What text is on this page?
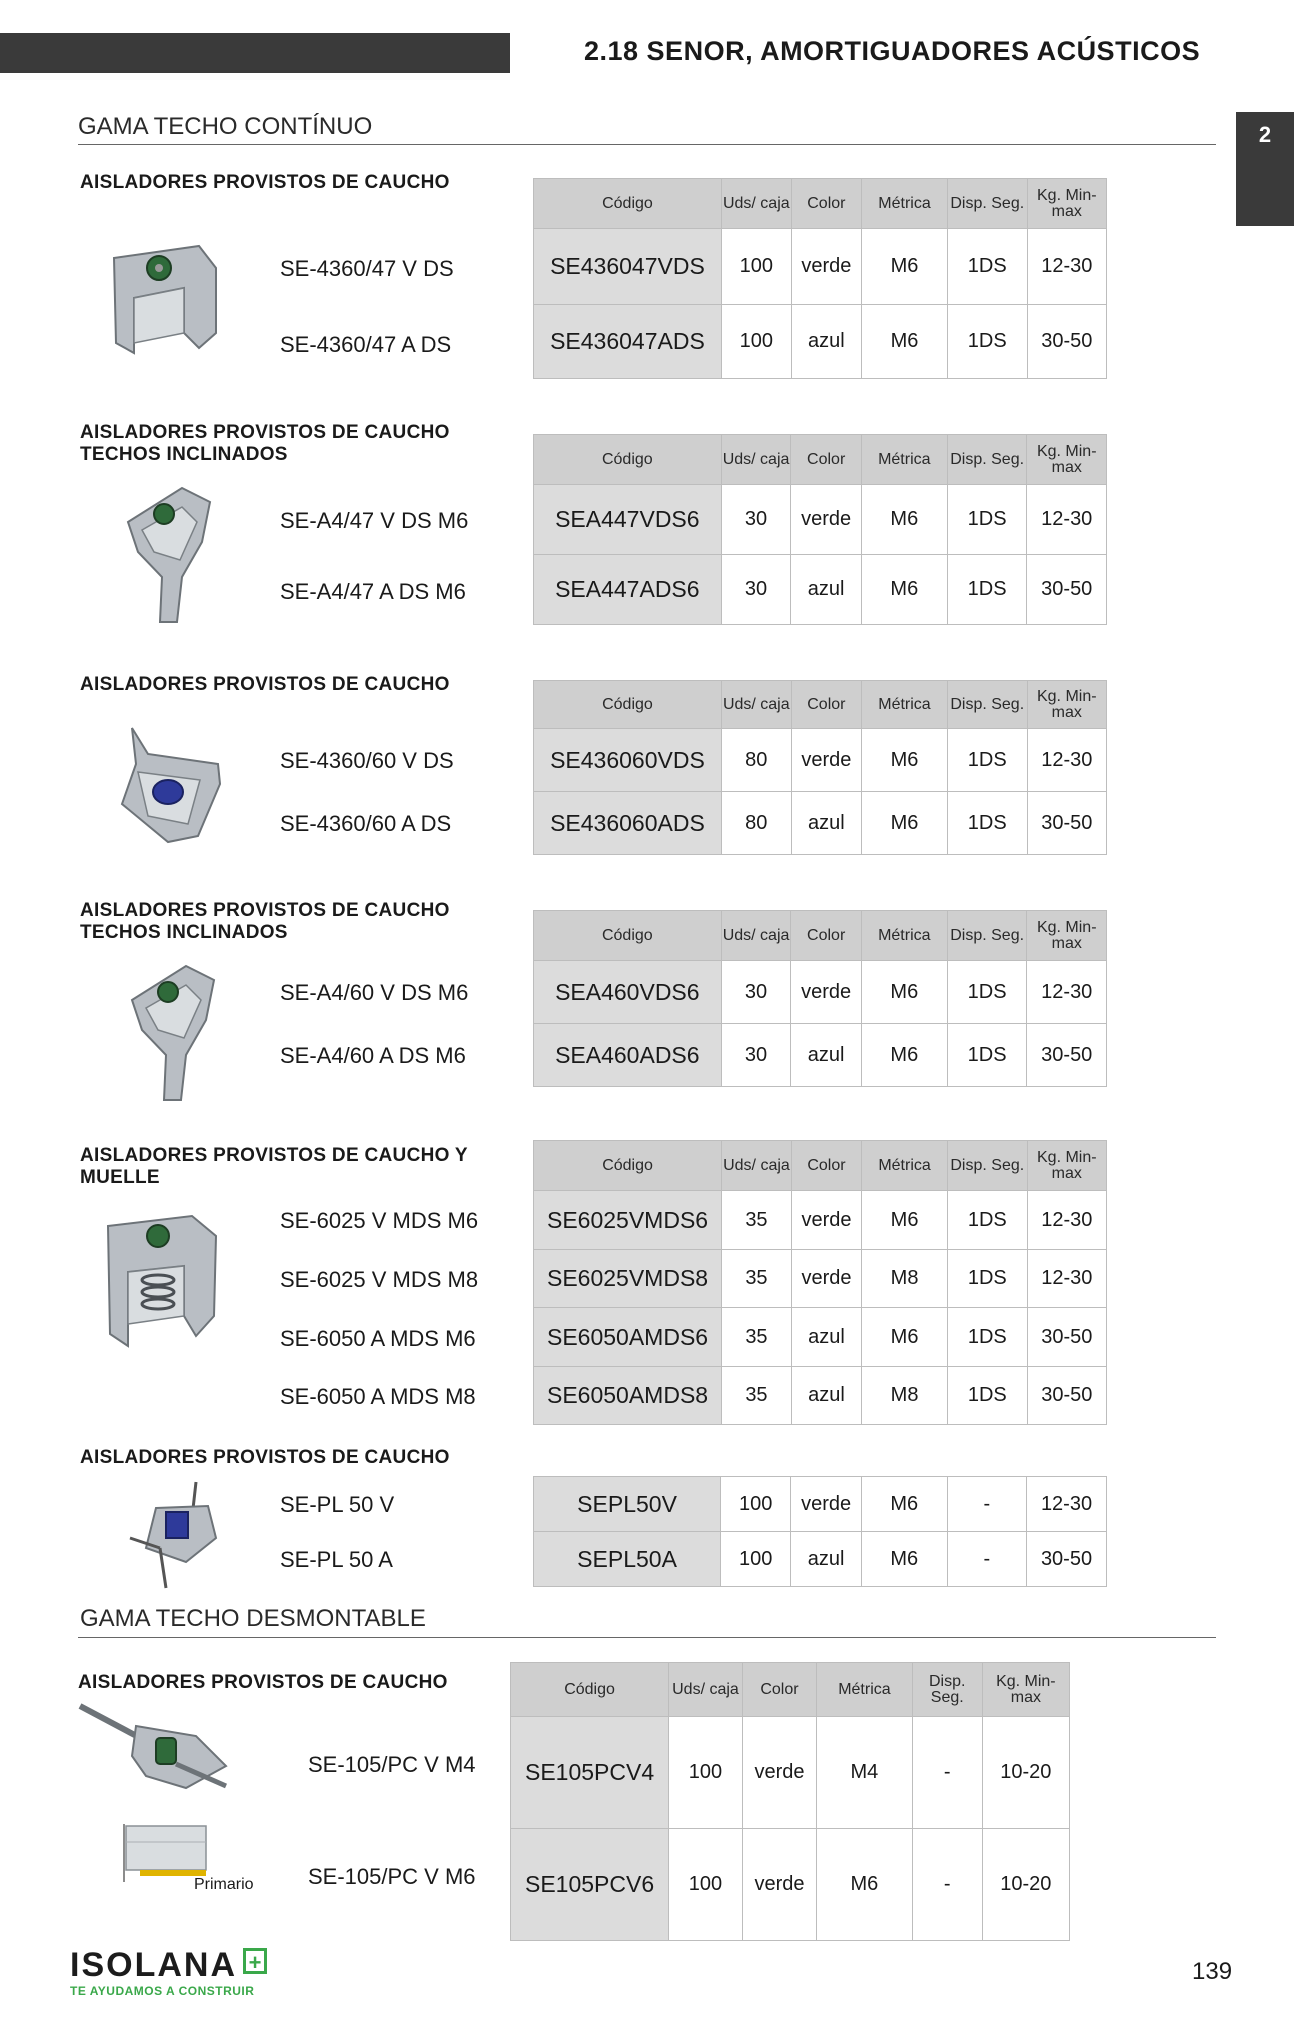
2.18 SENOR, AMORTIGUADORES ACÚSTICOS
2
GAMA TECHO CONTÍNUO
AISLADORES PROVISTOS DE CAUCHO
SE-4360/47 V DS
SE-4360/47 A DS
Código	Uds/ caja	Color	Métrica	Disp. Seg.	Kg. Min-max
SE436047VDS	100	verde	M6	1DS	12-30
SE436047ADS	100	azul	M6	1DS	30-50
AISLADORES PROVISTOS DE CAUCHO TECHOS INCLINADOS
SE-A4/47 V DS M6
SE-A4/47 A DS M6
Código	Uds/ caja	Color	Métrica	Disp. Seg.	Kg. Min-max
SEA447VDS6	30	verde	M6	1DS	12-30
SEA447ADS6	30	azul	M6	1DS	30-50
AISLADORES PROVISTOS DE CAUCHO
SE-4360/60 V DS
SE-4360/60 A DS
Código	Uds/ caja	Color	Métrica	Disp. Seg.	Kg. Min-max
SE436060VDS	80	verde	M6	1DS	12-30
SE436060ADS	80	azul	M6	1DS	30-50
AISLADORES PROVISTOS DE CAUCHO TECHOS INCLINADOS
SE-A4/60 V DS M6
SE-A4/60 A DS M6
Código	Uds/ caja	Color	Métrica	Disp. Seg.	Kg. Min-max
SEA460VDS6	30	verde	M6	1DS	12-30
SEA460ADS6	30	azul	M6	1DS	30-50
AISLADORES PROVISTOS DE CAUCHO Y MUELLE
SE-6025 V MDS M6
SE-6025 V MDS M8
SE-6050 A MDS M6
SE-6050 A MDS M8
Código	Uds/ caja	Color	Métrica	Disp. Seg.	Kg. Min-max
SE6025VMDS6	35	verde	M6	1DS	12-30
SE6025VMDS8	35	verde	M8	1DS	12-30
SE6050AMDS6	35	azul	M6	1DS	30-50
SE6050AMDS8	35	azul	M8	1DS	30-50
AISLADORES PROVISTOS DE CAUCHO
SE-PL 50 V
SE-PL 50 A
SEPL50V	100	verde	M6	-	12-30
SEPL50A	100	azul	M6	-	30-50
GAMA TECHO DESMONTABLE
AISLADORES PROVISTOS DE CAUCHO
Primario
SE-105/PC V M4
SE-105/PC V M6
Código	Uds/ caja	Color	Métrica	Disp. Seg.	Kg. Min-max
SE105PCV4	100	verde	M4	-	10-20
SE105PCV6	100	verde	M6	-	10-20
ISOLANA +
TE AYUDAMOS A CONSTRUIR
139
